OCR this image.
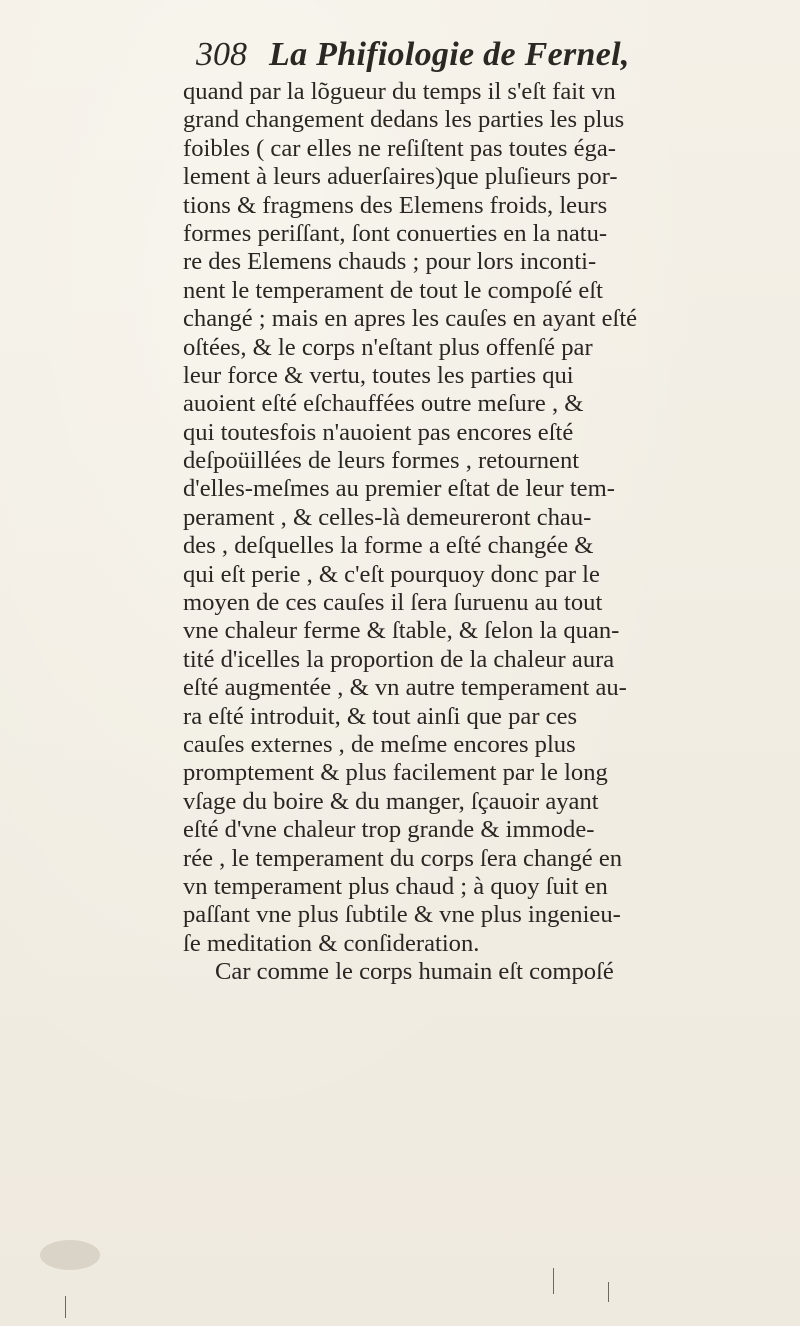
308 La Phifiologie de Fernel,
quand par la lõgueur du temps il s'eſt fait vn
grand changement dedans les parties les plus
foibles ( car elles ne reſiſtent pas toutes éga-
lement à leurs aduerſaires)que pluſieurs por-
tions & fragmens des Elemens froids, leurs
formes periſſant, ſont conuerties en la natu-
re des Elemens chauds ; pour lors inconti-
nent le temperament de tout le compoſé eſt
changé ; mais en apres les cauſes en ayant eſté
oſtées, & le corps n'eſtant plus offenſé par
leur force & vertu, toutes les parties qui
auoient eſté eſchauffées outre meſure , &
qui toutesfois n'auoient pas encores eſté
deſpoüillées de leurs formes , retournent
d'elles-meſmes au premier eſtat de leur tem-
perament , & celles-là demeureront chau-
des , deſquelles la forme a eſté changée &
qui eſt perie , & c'eſt pourquoy donc par le
moyen de ces cauſes il ſera ſuruenu au tout
vne chaleur ferme & ſtable, & ſelon la quan-
tité d'icelles la proportion de la chaleur aura
eſté augmentée , & vn autre temperament au-
ra eſté introduit, & tout ainſi que par ces
cauſes externes , de meſme encores plus
promptement & plus facilement par le long
vſage du boire & du manger, ſçauoir ayant
eſté d'vne chaleur trop grande & immode-
rée , le temperament du corps ſera changé en
vn temperament plus chaud ; à quoy ſuit en
paſſant vne plus ſubtile & vne plus ingenieu-
ſe meditation & conſideration.
Car comme le corps humain eſt compoſé
